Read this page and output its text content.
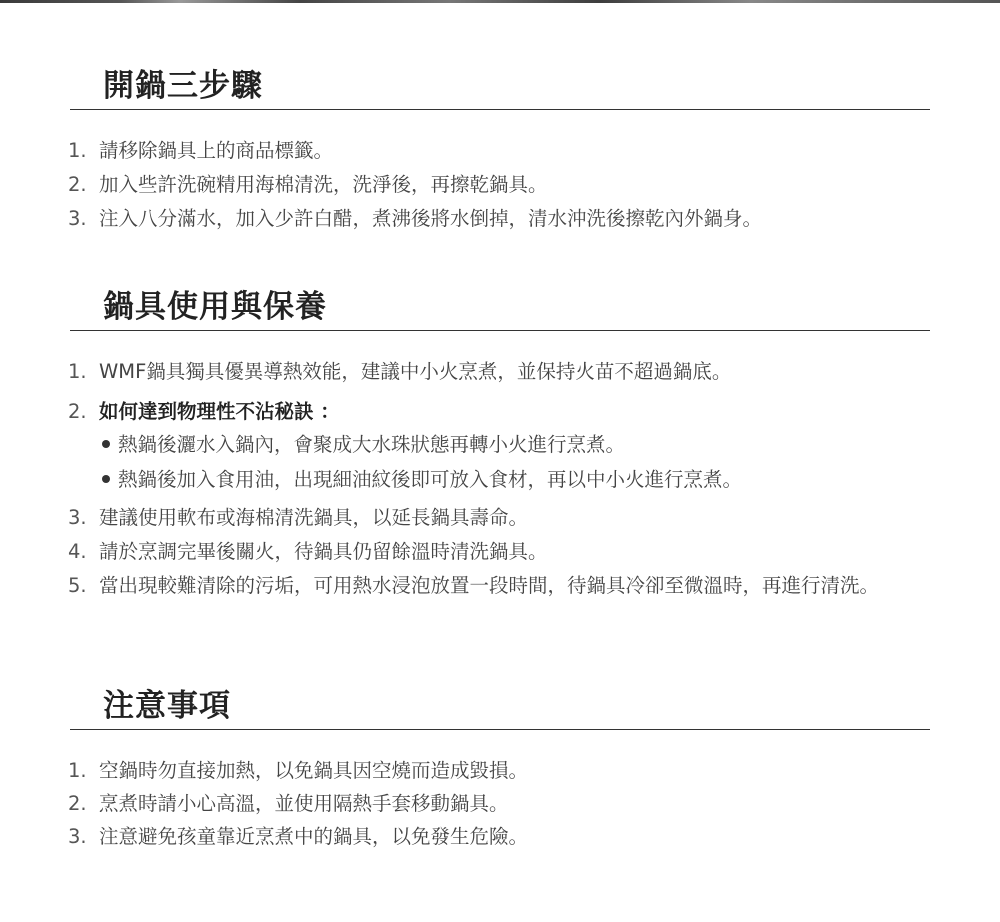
開鍋三步驟
1. 請移除鍋具上的商品標籤。
2. 加入些許洗碗精用海棉清洗，洗淨後，再擦乾鍋具。
3. 注入八分滿水，加入少許白醋，煮沸後將水倒掉，清水沖洗後擦乾內外鍋身。
鍋具使用與保養
1. WMF鍋具獨具優異導熱效能，建議中小火烹煮，並保持火苗不超過鍋底。
2. 如何達到物理性不沾秘訣 ：
熱鍋後灑水入鍋內，會聚成大水珠狀態再轉小火進行烹煮。
熱鍋後加入食用油，出現細油紋後即可放入食材，再以中小火進行烹煮。
3. 建議使用軟布或海棉清洗鍋具，以延長鍋具壽命。
4. 請於烹調完畢後關火，待鍋具仍留餘溫時清洗鍋具。
5. 當出現較難清除的污垢，可用熱水浸泡放置一段時間，待鍋具冷卻至微溫時，再進行清洗。
注意事項
1. 空鍋時勿直接加熱，以免鍋具因空燒而造成毀損。
2. 烹煮時請小心高溫，並使用隔熱手套移動鍋具。
3. 注意避免孩童靠近烹煮中的鍋具，以免發生危險。
